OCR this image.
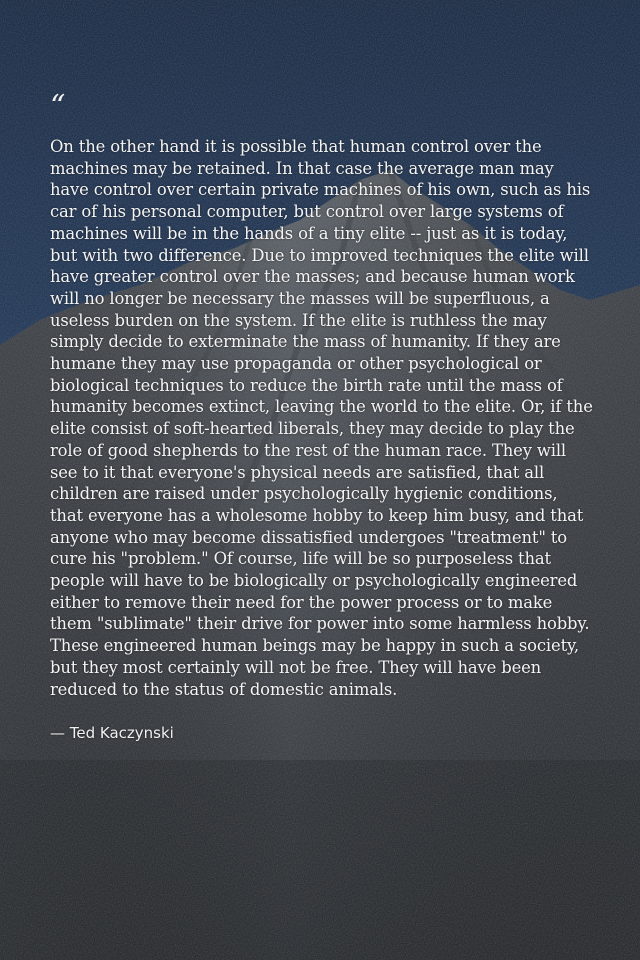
“

On the other hand it is possible that human control over the machines may be retained. In that case the average man may have control over certain private machines of his own, such as his car of his personal computer, but control over large systems of machines will be in the hands of a tiny elite -- just as it is today, but with two difference. Due to improved techniques the elite will have greater control over the masses; and because human work will no longer be necessary the masses will be superfluous, a useless burden on the system. If the elite is ruthless the may simply decide to exterminate the mass of humanity. If they are humane they may use propaganda or other psychological or biological techniques to reduce the birth rate until the mass of humanity becomes extinct, leaving the world to the elite. Or, if the elite consist of soft-hearted liberals, they may decide to play the role of good shepherds to the rest of the human race. They will see to it that everyone's physical needs are satisfied, that all children are raised under psychologically hygienic conditions, that everyone has a wholesome hobby to keep him busy, and that anyone who may become dissatisfied undergoes "treatment" to cure his "problem." Of course, life will be so purposeless that people will have to be biologically or psychologically engineered either to remove their need for the power process or to make them "sublimate" their drive for power into some harmless hobby. These engineered human beings may be happy in such a society, but they most certainly will not be free. They will have been reduced to the status of domestic animals.

— Ted Kaczynski
